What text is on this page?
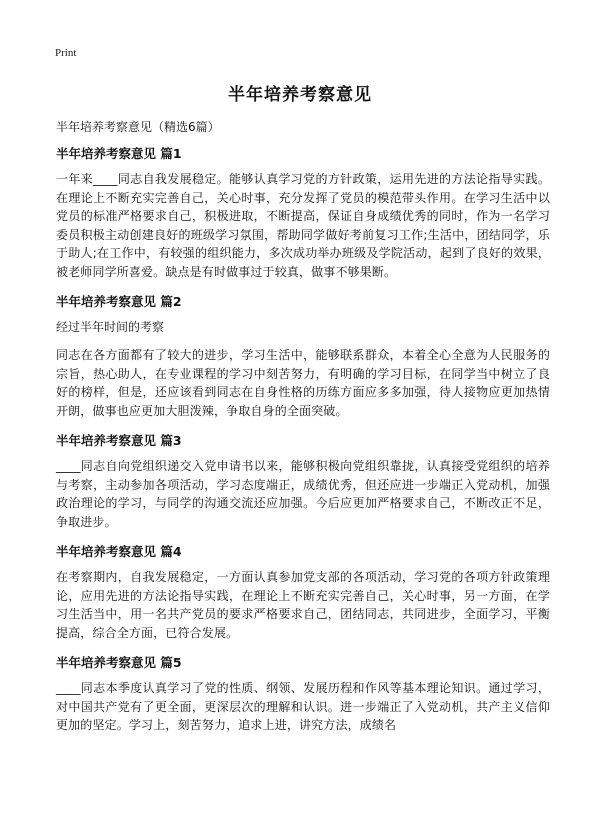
Print
半年培养考察意见
半年培养考察意见（精选6篇）
半年培养考察意见 篇1

一年来____同志自我发展稳定。能够认真学习党的方针政策，运用先进的方法论指导实践。在理论上不断充实完善自己，关心时事，充分发挥了党员的模范带头作用。在学习生活中以党员的标准严格要求自己，积极进取，不断提高，保证自身成绩优秀的同时，作为一名学习委员积极主动创建良好的班级学习氛围，帮助同学做好考前复习工作;生活中，团结同学，乐于助人;在工作中，有较强的组织能力，多次成功举办班级及学院活动，起到了良好的效果，被老师同学所喜爱。缺点是有时做事过于较真，做事不够果断。

半年培养考察意见 篇2
经过半年时间的考察

同志在各方面都有了较大的进步，学习生活中，能够联系群众，本着全心全意为人民服务的宗旨，热心助人，在专业课程的学习中刻苦努力，有明确的学习目标，在同学当中树立了良好的榜样，但是，还应该看到同志在自身性格的历练方面应多多加强，待人接物应更加热情开朗，做事也应更加大胆泼辣，争取自身的全面突破。

半年培养考察意见 篇3

____同志自向党组织递交入党申请书以来，能够积极向党组织靠拢，认真接受党组织的培养与考察，主动参加各项活动，学习态度端正，成绩优秀，但还应进一步端正入党动机，加强政治理论的学习，与同学的沟通交流还应加强。今后应更加严格要求自己，不断改正不足，争取进步。

半年培养考察意见 篇4

在考察期内，自我发展稳定，一方面认真参加党支部的各项活动，学习党的各项方针政策理论，应用先进的方法论指导实践，在理论上不断充实完善自己，关心时事，另一方面，在学习生活当中，用一名共产党员的要求严格要求自己，团结同志，共同进步，全面学习，平衡提高，综合全方面，已符合发展。

半年培养考察意见 篇5

____同志本季度认真学习了党的性质、纲领、发展历程和作风等基本理论知识。通过学习，对中国共产党有了更全面，更深层次的理解和认识。进一步端正了入党动机，共产主义信仰更加的坚定。学习上，刻苦努力，追求上进，讲究方法，成绩名
